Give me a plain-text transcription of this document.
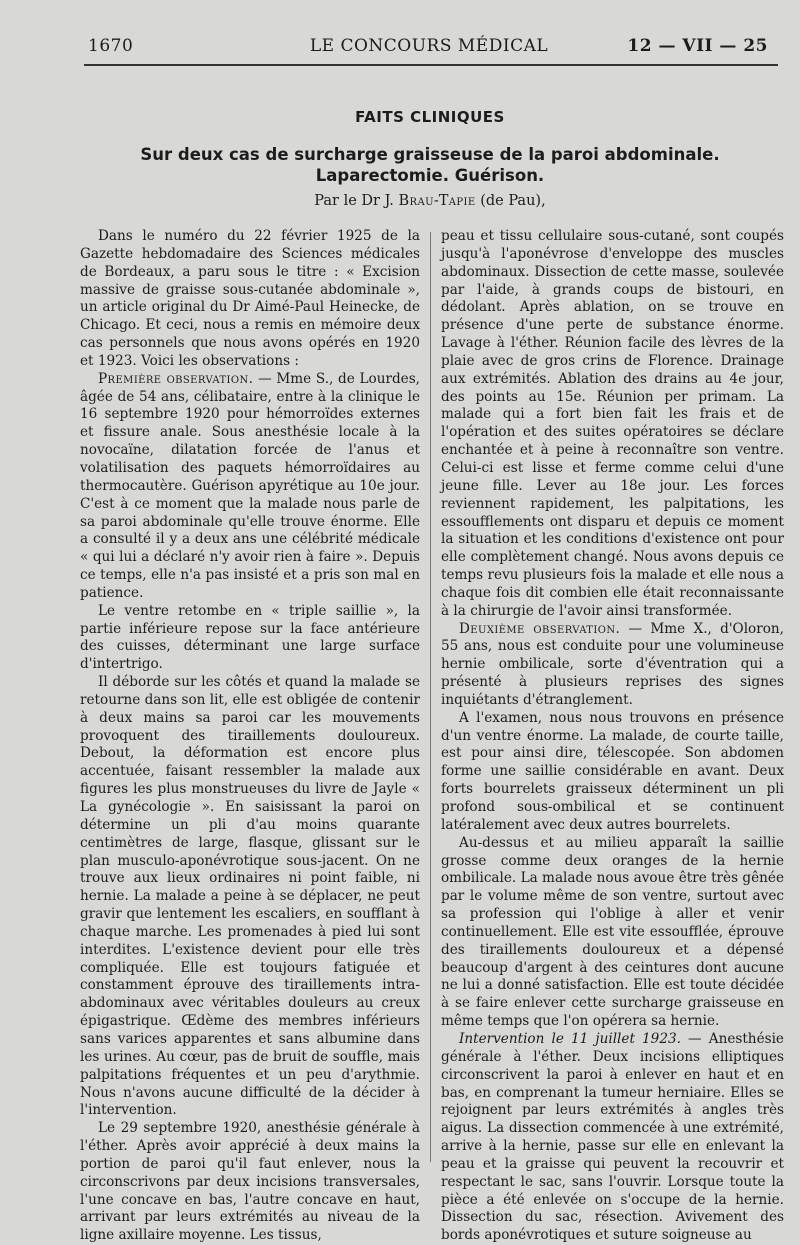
1670	LE CONCOURS MÉDICAL	12 — VII — 25
FAITS CLINIQUES
Sur deux cas de surcharge graisseuse de la paroi abdominale. Laparectomie. Guérison.
Par le Dr J. Brau-Tapie (de Pau),

Dans le numéro du 22 février 1925 de la Gazette hebdomadaire des Sciences médicales de Bordeaux, a paru sous le titre : « Excision massive de graisse sous-cutanée abdominale », un article original du Dr Aimé-Paul Heinecke, de Chicago. Et ceci, nous a remis en mémoire deux cas personnels que nous avons opérés en 1920 et 1923. Voici les observations :

Première observation. — Mme S., de Lourdes, âgée de 54 ans, célibataire, entre à la clinique le 16 septembre 1920 pour hémorroïdes externes et fissure anale. Sous anesthésie locale à la novocaïne, dilatation forcée de l'anus et volatilisation des paquets hémorroïdaires au thermocautère. Guérison apyrétique au 10e jour. C'est à ce moment que la malade nous parle de sa paroi abdominale qu'elle trouve énorme. Elle a consulté il y a deux ans une célébrité médicale « qui lui a déclaré n'y avoir rien à faire ». Depuis ce temps, elle n'a pas insisté et a pris son mal en patience.

Le ventre retombe en « triple saillie », la partie inférieure repose sur la face antérieure des cuisses, déterminant une large surface d'intertrigo.

Il déborde sur les côtés et quand la malade se retourne dans son lit, elle est obligée de contenir à deux mains sa paroi car les mouvements provoquent des tiraillements douloureux. Debout, la déformation est encore plus accentuée, faisant ressembler la malade aux figures les plus monstrueuses du livre de Jayle « La gynécologie ». En saisissant la paroi on détermine un pli d'au moins quarante centimètres de large, flasque, glissant sur le plan musculo-aponévrotique sous-jacent. On ne trouve aux lieux ordinaires ni point faible, ni hernie. La malade a peine à se déplacer, ne peut gravir que lentement les escaliers, en soufflant à chaque marche. Les promenades à pied lui sont interdites. L'existence devient pour elle très compliquée. Elle est toujours fatiguée et constamment éprouve des tiraillements intra-abdominaux avec véritables douleurs au creux épigastrique. Œdème des membres inférieurs sans varices apparentes et sans albumine dans les urines. Au cœur, pas de bruit de souffle, mais palpitations fréquentes et un peu d'arythmie. Nous n'avons aucune difficulté de la décider à l'intervention.

Le 29 septembre 1920, anesthésie générale à l'éther. Après avoir apprécié à deux mains la portion de paroi qu'il faut enlever, nous la circonscrivons par deux incisions transversales, l'une concave en bas, l'autre concave en haut, arrivant par leurs extrémités au niveau de la ligne axillaire moyenne. Les tissus,

peau et tissu cellulaire sous-cutané, sont coupés jusqu'à l'aponévrose d'enveloppe des muscles abdominaux. Dissection de cette masse, soulevée par l'aide, à grands coups de bistouri, en dédolant. Après ablation, on se trouve en présence d'une perte de substance énorme. Lavage à l'éther. Réunion facile des lèvres de la plaie avec de gros crins de Florence. Drainage aux extrémités. Ablation des drains au 4e jour, des points au 15e. Réunion per primam. La malade qui a fort bien fait les frais et de l'opération et des suites opératoires se déclare enchantée et à peine à reconnaître son ventre. Celui-ci est lisse et ferme comme celui d'une jeune fille. Lever au 18e jour. Les forces reviennent rapidement, les palpitations, les essoufflements ont disparu et depuis ce moment la situation et les conditions d'existence ont pour elle complètement changé. Nous avons depuis ce temps revu plusieurs fois la malade et elle nous a chaque fois dit combien elle était reconnaissante à la chirurgie de l'avoir ainsi transformée.

Deuxième observation. — Mme X., d'Oloron, 55 ans, nous est conduite pour une volumineuse hernie ombilicale, sorte d'éventration qui a présenté à plusieurs reprises des signes inquiétants d'étranglement.

A l'examen, nous nous trouvons en présence d'un ventre énorme. La malade, de courte taille, est pour ainsi dire, télescopée. Son abdomen forme une saillie considérable en avant. Deux forts bourrelets graisseux déterminent un pli profond sous-ombilical et se continuent latéralement avec deux autres bourrelets.

Au-dessus et au milieu apparaît la saillie grosse comme deux oranges de la hernie ombilicale. La malade nous avoue être très gênée par le volume même de son ventre, surtout avec sa profession qui l'oblige à aller et venir continuellement. Elle est vite essoufflée, éprouve des tiraillements douloureux et a dépensé beaucoup d'argent à des ceintures dont aucune ne lui a donné satisfaction. Elle est toute décidée à se faire enlever cette surcharge graisseuse en même temps que l'on opérera sa hernie.

Intervention le 11 juillet 1923. — Anesthésie générale à l'éther. Deux incisions elliptiques circonscrivent la paroi à enlever en haut et en bas, en comprenant la tumeur herniaire. Elles se rejoignent par leurs extrémités à angles très aigus. La dissection commencée à une extrémité, arrive à la hernie, passe sur elle en enlevant la peau et la graisse qui peuvent la recouvrir et respectant le sac, sans l'ouvrir. Lorsque toute la pièce a été enlevée on s'occupe de la hernie. Dissection du sac, résection. Avivement des bords aponévrotiques et suture soigneuse au
